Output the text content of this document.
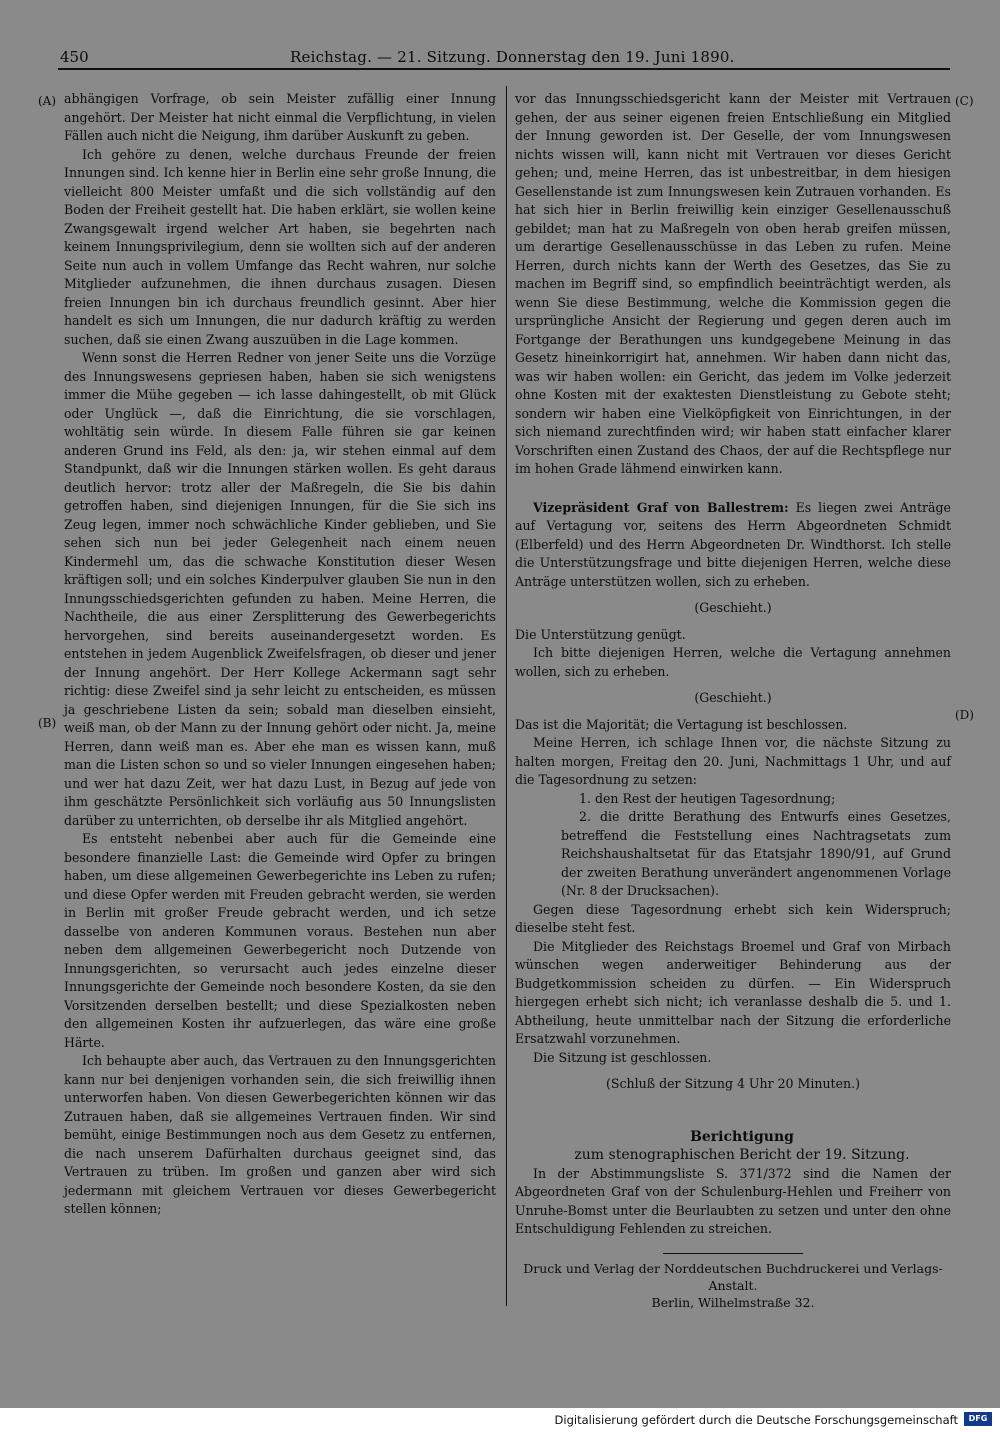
450	Reichstag. — 21. Sitzung. Donnerstag den 19. Juni 1890.
(A)
(B)
(C)
(D)

abhängigen Vorfrage, ob sein Meister zufällig einer Innung angehört. Der Meister hat nicht einmal die Verpflichtung, in vielen Fällen auch nicht die Neigung, ihm darüber Auskunft zu geben.

Ich gehöre zu denen, welche durchaus Freunde der freien Innungen sind. Ich kenne hier in Berlin eine sehr große Innung, die vielleicht 800 Meister umfaßt und die sich vollständig auf den Boden der Freiheit gestellt hat. Die haben erklärt, sie wollen keine Zwangsgewalt irgend welcher Art haben, sie begehrten nach keinem Innungsprivilegium, denn sie wollten sich auf der anderen Seite nun auch in vollem Umfange das Recht wahren, nur solche Mitglieder aufzunehmen, die ihnen durchaus zusagen. Diesen freien Innungen bin ich durchaus freundlich gesinnt. Aber hier handelt es sich um Innungen, die nur dadurch kräftig zu werden suchen, daß sie einen Zwang auszuüben in die Lage kommen.

Wenn sonst die Herren Redner von jener Seite uns die Vorzüge des Innungswesens gepriesen haben, haben sie sich wenigstens immer die Mühe gegeben — ich lasse dahingestellt, ob mit Glück oder Unglück —, daß die Einrichtung, die sie vorschlagen, wohltätig sein würde. In diesem Falle führen sie gar keinen anderen Grund ins Feld, als den: ja, wir stehen einmal auf dem Standpunkt, daß wir die Innungen stärken wollen. Es geht daraus deutlich hervor: trotz aller der Maßregeln, die Sie bis dahin getroffen haben, sind diejenigen Innungen, für die Sie sich ins Zeug legen, immer noch schwächliche Kinder geblieben, und Sie sehen sich nun bei jeder Gelegenheit nach einem neuen Kindermehl um, das die schwache Konstitution dieser Wesen kräftigen soll; und ein solches Kinderpulver glauben Sie nun in den Innungsschiedsgerichten gefunden zu haben. Meine Herren, die Nachtheile, die aus einer Zersplitterung des Gewerbegerichts hervorgehen, sind bereits auseinandergesetzt worden. Es entstehen in jedem Augenblick Zweifelsfragen, ob dieser und jener der Innung angehört. Der Herr Kollege Ackermann sagt sehr richtig: diese Zweifel sind ja sehr leicht zu entscheiden, es müssen ja geschriebene Listen da sein; sobald man dieselben einsieht, weiß man, ob der Mann zu der Innung gehört oder nicht. Ja, meine Herren, dann weiß man es. Aber ehe man es wissen kann, muß man die Listen schon so und so vieler Innungen eingesehen haben; und wer hat dazu Zeit, wer hat dazu Lust, in Bezug auf jede von ihm geschätzte Persönlichkeit sich vorläufig aus 50 Innungslisten darüber zu unterrichten, ob derselbe ihr als Mitglied angehört.

Es entsteht nebenbei aber auch für die Gemeinde eine besondere finanzielle Last: die Gemeinde wird Opfer zu bringen haben, um diese allgemeinen Gewerbegerichte ins Leben zu rufen; und diese Opfer werden mit Freuden gebracht werden, sie werden in Berlin mit großer Freude gebracht werden, und ich setze dasselbe von anderen Kommunen voraus. Bestehen nun aber neben dem allgemeinen Gewerbegericht noch Dutzende von Innungsgerichten, so verursacht auch jedes einzelne dieser Innungsgerichte der Gemeinde noch besondere Kosten, da sie den Vorsitzenden derselben bestellt; und diese Spezialkosten neben den allgemeinen Kosten ihr aufzuerlegen, das wäre eine große Härte.

Ich behaupte aber auch, das Vertrauen zu den Innungsgerichten kann nur bei denjenigen vorhanden sein, die sich freiwillig ihnen unterworfen haben. Von diesen Gewerbegerichten können wir das Zutrauen haben, daß sie allgemeines Vertrauen finden. Wir sind bemüht, einige Bestimmungen noch aus dem Gesetz zu entfernen, die nach unserem Dafürhalten durchaus geeignet sind, das Vertrauen zu trüben. Im großen und ganzen aber wird sich jedermann mit gleichem Vertrauen vor dieses Gewerbegericht stellen können;

vor das Innungsschiedsgericht kann der Meister mit Vertrauen gehen, der aus seiner eigenen freien Entschließung ein Mitglied der Innung geworden ist. Der Geselle, der vom Innungswesen nichts wissen will, kann nicht mit Vertrauen vor dieses Gericht gehen; und, meine Herren, das ist unbestreitbar, in dem hiesigen Gesellenstande ist zum Innungswesen kein Zutrauen vorhanden. Es hat sich hier in Berlin freiwillig kein einziger Gesellenausschuß gebildet; man hat zu Maßregeln von oben herab greifen müssen, um derartige Gesellenausschüsse in das Leben zu rufen. Meine Herren, durch nichts kann der Werth des Gesetzes, das Sie zu machen im Begriff sind, so empfindlich beeinträchtigt werden, als wenn Sie diese Bestimmung, welche die Kommission gegen die ursprüngliche Ansicht der Regierung und gegen deren auch im Fortgange der Berathungen uns kundgegebene Meinung in das Gesetz hineinkorrigirt hat, annehmen. Wir haben dann nicht das, was wir haben wollen: ein Gericht, das jedem im Volke jederzeit ohne Kosten mit der exaktesten Dienstleistung zu Gebote steht; sondern wir haben eine Vielköpfigkeit von Einrichtungen, in der sich niemand zurechtfinden wird; wir haben statt einfacher klarer Vorschriften einen Zustand des Chaos, der auf die Rechtspflege nur im hohen Grade lähmend einwirken kann.

Vizepräsident Graf von Ballestrem: Es liegen zwei Anträge auf Vertagung vor, seitens des Herrn Abgeordneten Schmidt (Elberfeld) und des Herrn Abgeordneten Dr. Windthorst. Ich stelle die Unterstützungsfrage und bitte diejenigen Herren, welche diese Anträge unterstützen wollen, sich zu erheben.

(Geschieht.)

Die Unterstützung genügt.

Ich bitte diejenigen Herren, welche die Vertagung annehmen wollen, sich zu erheben.

(Geschieht.)

Das ist die Majorität; die Vertagung ist beschlossen.

Meine Herren, ich schlage Ihnen vor, die nächste Sitzung zu halten morgen, Freitag den 20. Juni, Nachmittags 1 Uhr, und auf die Tagesordnung zu setzen:

1. den Rest der heutigen Tagesordnung;

2. die dritte Berathung des Entwurfs eines Gesetzes, betreffend die Feststellung eines Nachtragsetats zum Reichshaushaltsetat für das Etatsjahr 1890/91, auf Grund der zweiten Berathung unverändert angenommenen Vorlage (Nr. 8 der Drucksachen).

Gegen diese Tagesordnung erhebt sich kein Widerspruch; dieselbe steht fest.

Die Mitglieder des Reichstags Broemel und Graf von Mirbach wünschen wegen anderweitiger Behinderung aus der Budgetkommission scheiden zu dürfen. — Ein Widerspruch hiergegen erhebt sich nicht; ich veranlasse deshalb die 5. und 1. Abtheilung, heute unmittelbar nach der Sitzung die erforderliche Ersatzwahl vorzunehmen.

Die Sitzung ist geschlossen.

(Schluß der Sitzung 4 Uhr 20 Minuten.)

Berichtigung

zum stenographischen Bericht der 19. Sitzung.

In der Abstimmungsliste S. 371/372 sind die Namen der Abgeordneten Graf von der Schulenburg-Hehlen und Freiherr von Unruhe-Bomst unter die Beurlaubten zu setzen und unter den ohne Entschuldigung Fehlenden zu streichen.

Druck und Verlag der Norddeutschen Buchdruckerei und Verlags-Anstalt.
Berlin, Wilhelmstraße 32.
Digitalisierung gefördert durch die Deutsche Forschungsgemeinschaft	DFG
